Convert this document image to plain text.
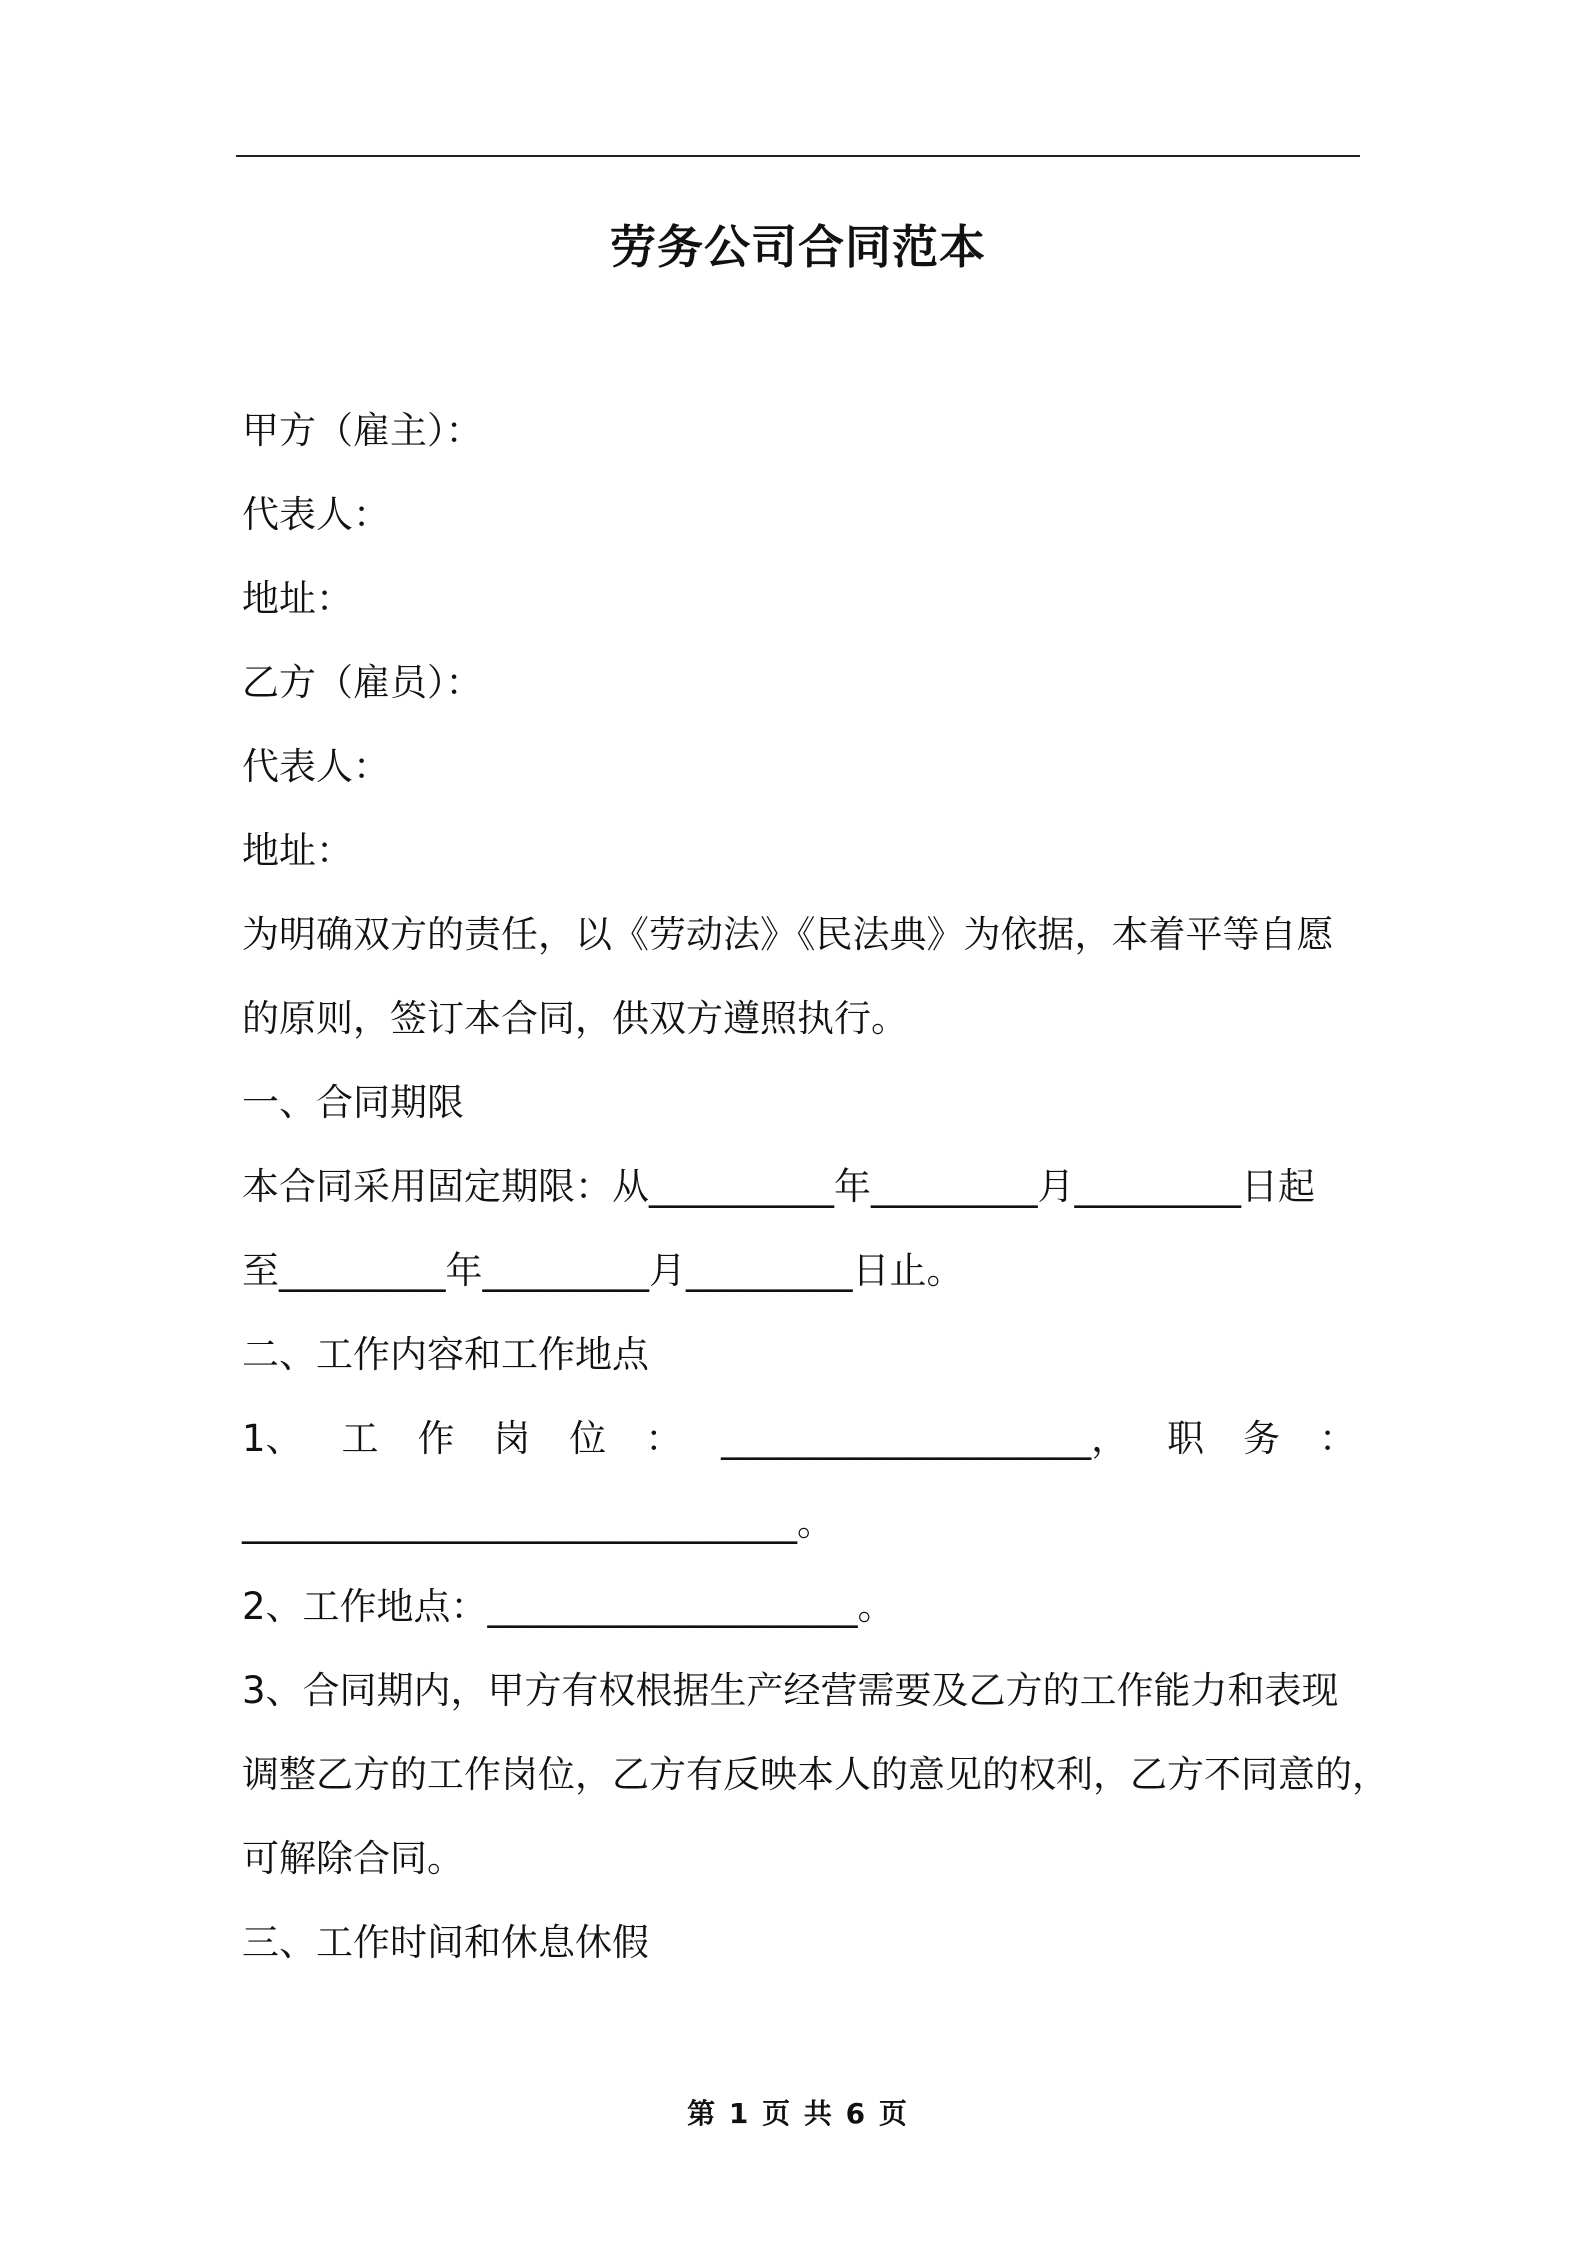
劳务公司合同范本
甲方（雇主）：
代表人：
地址：
乙方（雇员）：
代表人：
地址：
为明确双方的责任，以《劳动法》《民法典》为依据，本着平等自愿
的原则，签订本合同，供双方遵照执行。
一、合同期限
本合同采用固定期限：从__________年_________月_________日起
至_________年_________月_________日止。
二、工作内容和工作地点
1、 工 作 岗 位 ： ____________________， 职 务 ：
______________________________。
2、工作地点：____________________。
3、合同期内，甲方有权根据生产经营需要及乙方的工作能力和表现
调整乙方的工作岗位，乙方有反映本人的意见的权利，乙方不同意的，
可解除合同。
三、工作时间和休息休假
第 1 页 共 6 页
